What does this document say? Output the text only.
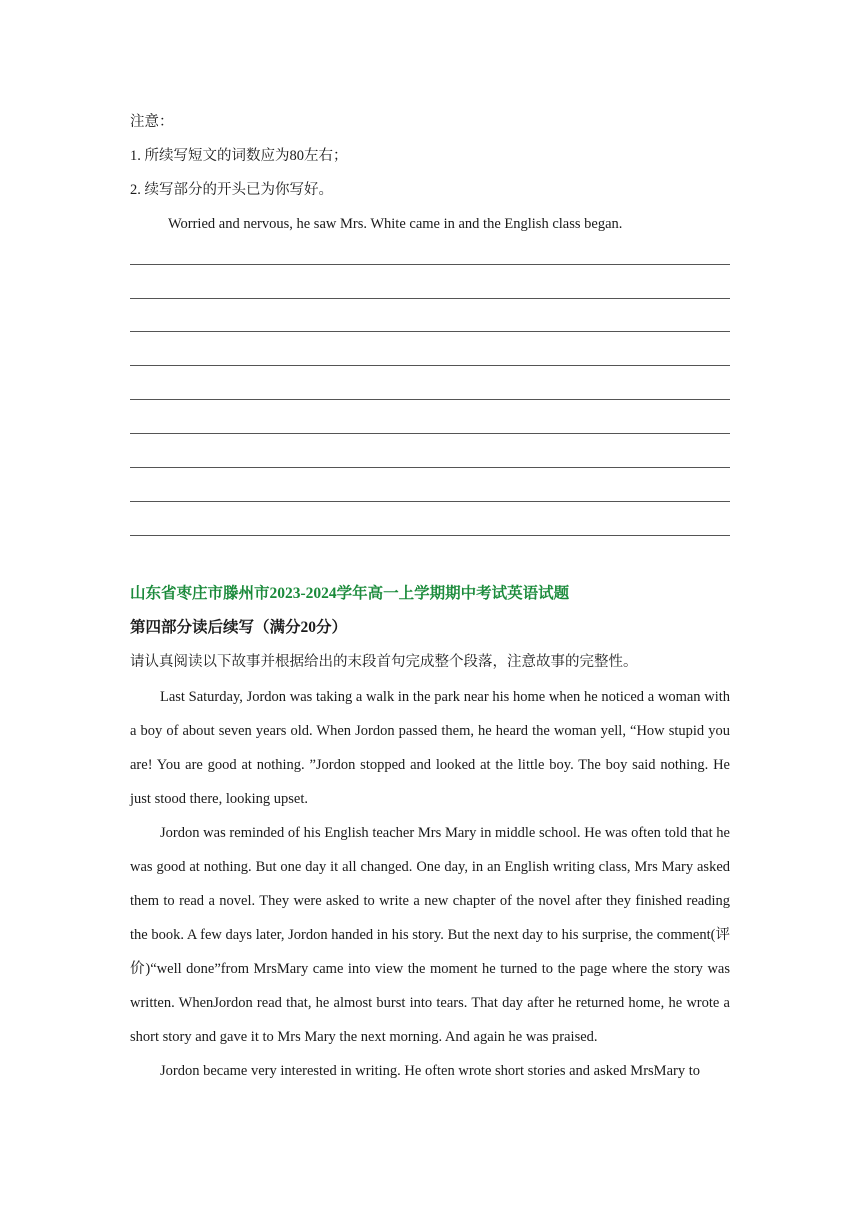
注意：
1. 所续写短文的词数应为80左右；
2. 续写部分的开头已为你写好。
Worried and nervous, he saw Mrs. White came in and the English class began.
山东省枣庄市滕州市2023-2024学年高一上学期期中考试英语试题
第四部分读后续写（满分20分）
请认真阅读以下故事并根据给出的末段首句完成整个段落，注意故事的完整性。
Last Saturday, Jordon was taking a walk in the park near his home when he noticed a woman with a boy of about seven years old. When Jordon passed them, he heard the woman yell, “How stupid you are! You are good at nothing. ”Jordon stopped and looked at the little boy. The boy said nothing. He just stood there, looking upset.
Jordon was reminded of his English teacher Mrs Mary in middle school. He was often told that he was good at nothing. But one day it all changed. One day, in an English writing class, Mrs Mary asked them to read a novel. They were asked to write a new chapter of the novel after they finished reading the book. A few days later, Jordon handed in his story. But the next day to his surprise, the comment(评价)“well done”from MrsMary came into view the moment he turned to the page where the story was written. WhenJordon read that, he almost burst into tears. That day after he returned home, he wrote a short story and gave it to Mrs Mary the next morning. And again he was praised.
Jordon became very interested in writing. He often wrote short stories and asked MrsMary to
